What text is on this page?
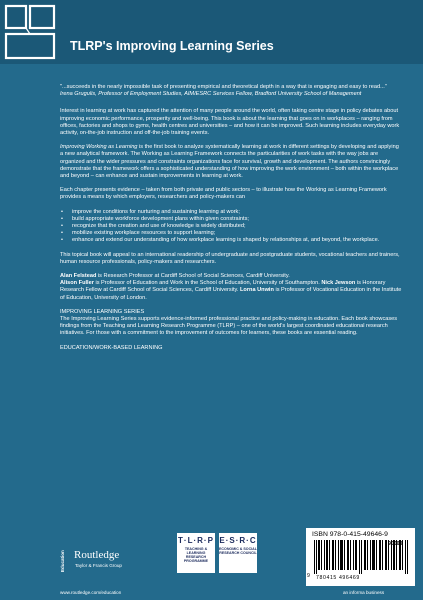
TLRP's Improving Learning Series

"...succeeds in the nearly impossible task of presenting empirical and theoretical depth in a way that is engaging and easy to read..."
Irena Grugulis, Professor of Employment Studies, AIM/ESRC Services Fellow, Bradford University School of Management

Interest in learning at work has captured the attention of many people around the world, often taking centre stage in policy debates about improving economic performance, prosperity and well-being. This book is about the learning that goes on in workplaces – ranging from offices, factories and shops to gyms, health centres and universities – and how it can be improved. Such learning includes everyday work activity, on-the-job instruction and off-the-job training events.

Improving Working as Learning is the first book to analyze systematically learning at work in different settings by developing and applying a new analytical framework. The Working as Learning Framework connects the particularities of work tasks with the way jobs are organized and the wider pressures and constraints organizations face for survival, growth and development. The authors convincingly demonstrate that the framework offers a sophisticated understanding of how improving the work environment – both within the workplace and beyond – can enhance and sustain improvements in learning at work.

Each chapter presents evidence – taken from both private and public sectors – to illustrate how the Working as Learning Framework provides a means by which employers, researchers and policy-makers can

• improve the conditions for nurturing and sustaining learning at work;
• build appropriate workforce development plans within given constraints;
• recognize that the creation and use of knowledge is widely distributed;
• mobilize existing workplace resources to support learning;
• enhance and extend our understanding of how workplace learning is shaped by relationships at, and beyond, the workplace.

This topical book will appeal to an international readership of undergraduate and postgraduate students, vocational teachers and trainers, human resource professionals, policy-makers and researchers.

Alan Felstead is Research Professor at Cardiff School of Social Sciences, Cardiff University.
Alison Fuller is Professor of Education and Work in the School of Education, University of Southampton. Nick Jewson is Honorary Research Fellow at Cardiff School of Social Sciences, Cardiff University. Lorna Unwin is Professor of Vocational Education in the Institute of Education, University of London.

IMPROVING LEARNING SERIES

The Improving Learning Series supports evidence-informed professional practice and policy-making in education. Each book showcases findings from the Teaching and Learning Research Programme (TLRP) – one of the world's largest coordinated educational research initiatives. For those with a commitment to the improvement of outcomes for learners, these books are essential reading.

EDUCATION/WORK-BASED LEARNING

Education Routledge
Taylor & Francis Group
www.routledge.com/education
T·L·R·P
TEACHING & LEARNING RESEARCH PROGRAMME
E·S·R·C
ECONOMIC & SOCIAL RESEARCH COUNCIL
ISBN 978-0-415-49646-9
9 780415 496469
90000
an informa business
